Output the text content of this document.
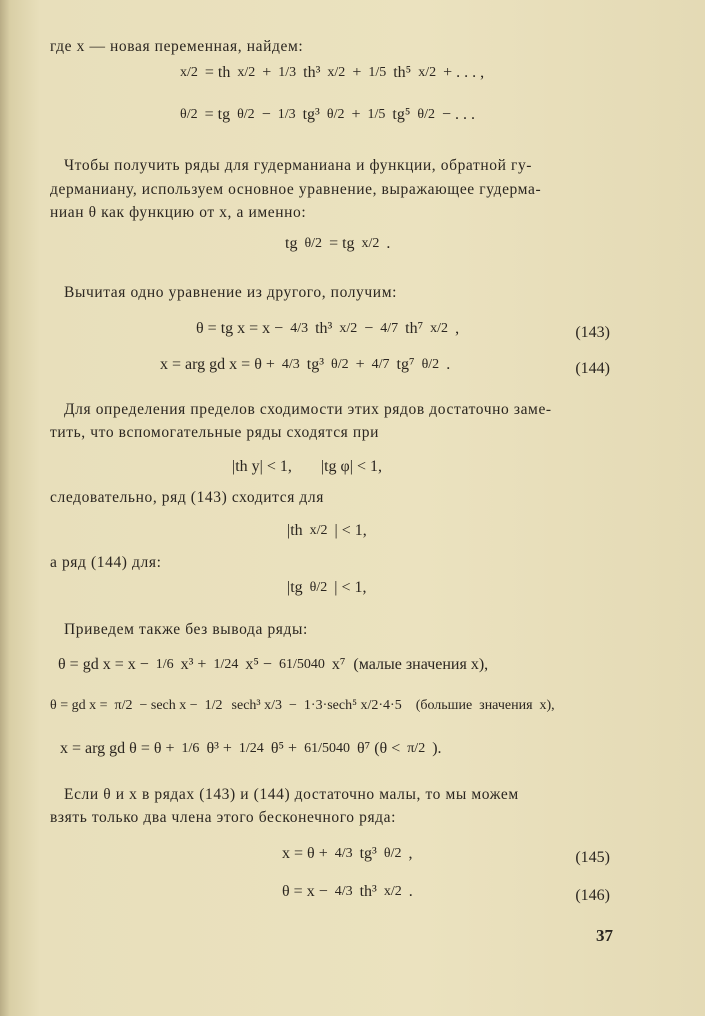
где x — новая переменная, найдем:
x/2 = th x/2 + 1/3 th³ x/2 + 1/5 th⁵ x/2 + . . . ,
θ/2 = tg θ/2 − 1/3 tg³ θ/2 + 1/5 tg⁵ θ/2 − . . .
Чтобы получить ряды для гудерманиана и функции, обратной гу-
дерманиану, используем основное уравнение, выражающее гудерма-
ниан θ как функцию от x, а именно:
tg θ/2 = tg x/2 .
Вычитая одно уравнение из другого, получим:
θ = tg x = x − 4/3 th³ x/2 − 4/7 th⁷ x/2 ,	(143)
x = arg gd x = θ + 4/3 tg³ θ/2 + 4/7 tg⁷ θ/2 .	(144)
Для определения пределов сходимости этих рядов достаточно заме-
тить, что вспомогательные ряды сходятся при
|th y| < 1, |tg φ| < 1,
следовательно, ряд (143) сходится для
|th x/2 | < 1,
а ряд (144) для:
|tg θ/2 | < 1,
Приведем также без вывода ряды:
θ = gd x = x − 1/6 x³ + 1/24 x⁵ − 61/5040 x⁷  (малые значения x),
θ = gd x = π/2 − sech x − 1/2 sech³ x/3 − 1·3·sech⁵ x/2·4·5 (большие  значения  x),
x = arg gd θ = θ + 1/6 θ³ + 1/24 θ⁵ + 61/5040 θ⁷ (θ < π/2 ).
Если θ и x в рядах (143) и (144) достаточно малы, то мы можем
взять только два члена этого бесконечного ряда:
x = θ + 4/3 tg³ θ/2 ,	(145)
θ = x − 4/3 th³ x/2 .	(146)
37
